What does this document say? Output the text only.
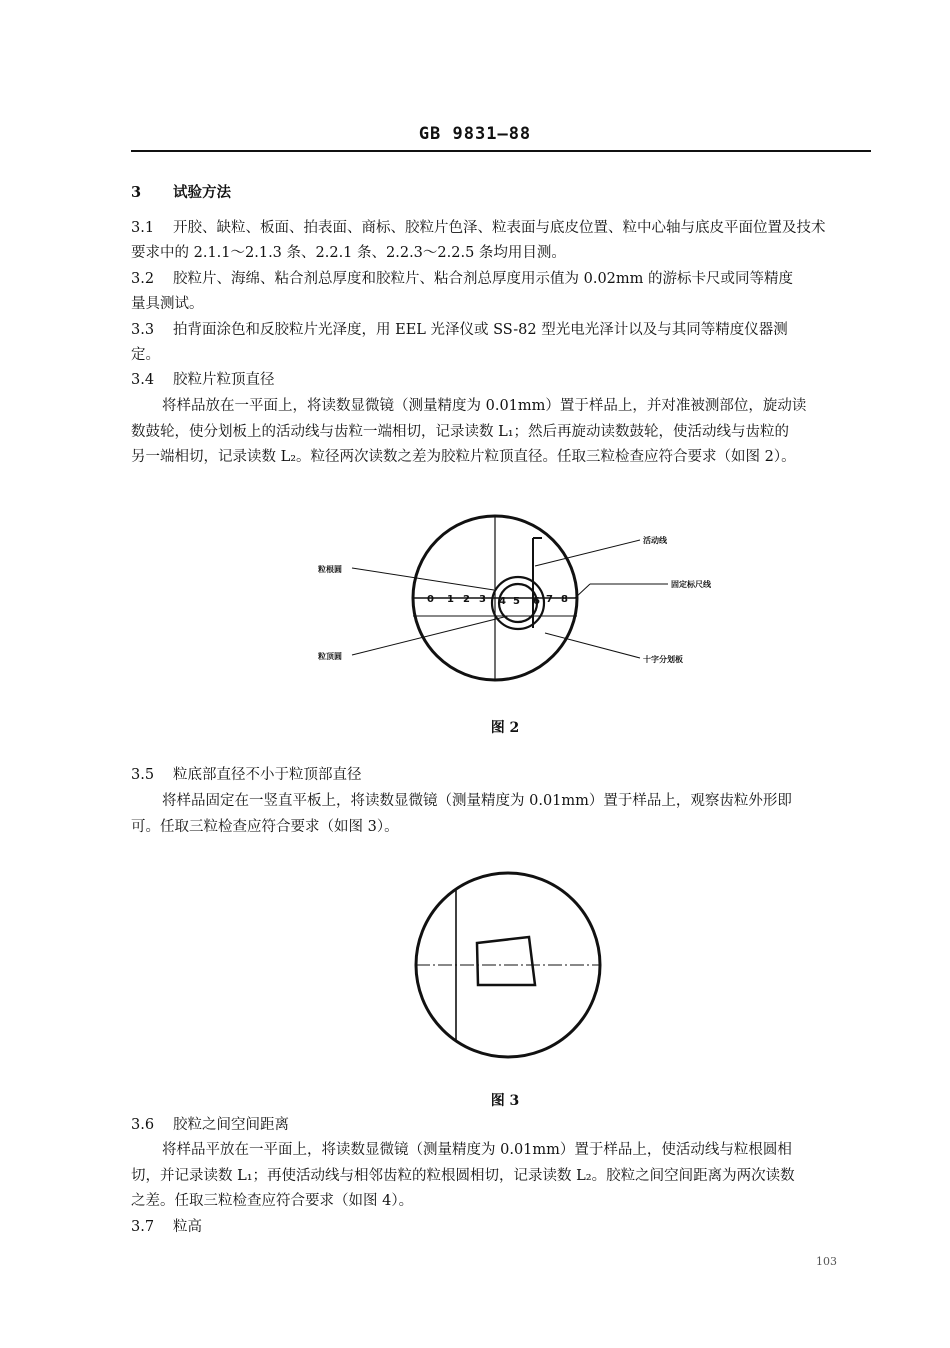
GB 9831—88
3 试验方法
3.1 开胶、缺粒、板面、拍表面、商标、胶粒片色泽、粒表面与底皮位置、粒中心轴与底皮平面位置及技术
要求中的 2.1.1～2.1.3 条、2.2.1 条、2.2.3～2.2.5 条均用目测。
3.2 胶粒片、海绵、粘合剂总厚度和胶粒片、粘合剂总厚度用示值为 0.02mm 的游标卡尺或同等精度
量具测试。
3.3 拍背面涂色和反胶粒片光泽度，用 EEL 光泽仪或 SS-82 型光电光泽计以及与其同等精度仪器测
定。
3.4 胶粒片粒顶直径
将样品放在一平面上，将读数显微镜（测量精度为 0.01mm）置于样品上，并对准被测部位，旋动读
数鼓轮，使分划板上的活动线与齿粒一端相切，记录读数 L₁；然后再旋动读数鼓轮，使活动线与齿粒的
另一端相切，记录读数 L₂。粒径两次读数之差为胶粒片粒顶直径。任取三粒检查应符合要求（如图 2）。
0 1 2 3 4 5 6 7 8
活动线
粒根圆
固定标尺线
粒顶圆	十字分划板
图 2
3.5 粒底部直径不小于粒顶部直径
将样品固定在一竖直平板上，将读数显微镜（测量精度为 0.01mm）置于样品上，观察齿粒外形即
可。任取三粒检查应符合要求（如图 3）。
图 3
3.6 胶粒之间空间距离
将样品平放在一平面上，将读数显微镜（测量精度为 0.01mm）置于样品上，使活动线与粒根圆相
切，并记录读数 L₁；再使活动线与相邻齿粒的粒根圆相切，记录读数 L₂。胶粒之间空间距离为两次读数
之差。任取三粒检查应符合要求（如图 4）。
3.7 粒高
103
